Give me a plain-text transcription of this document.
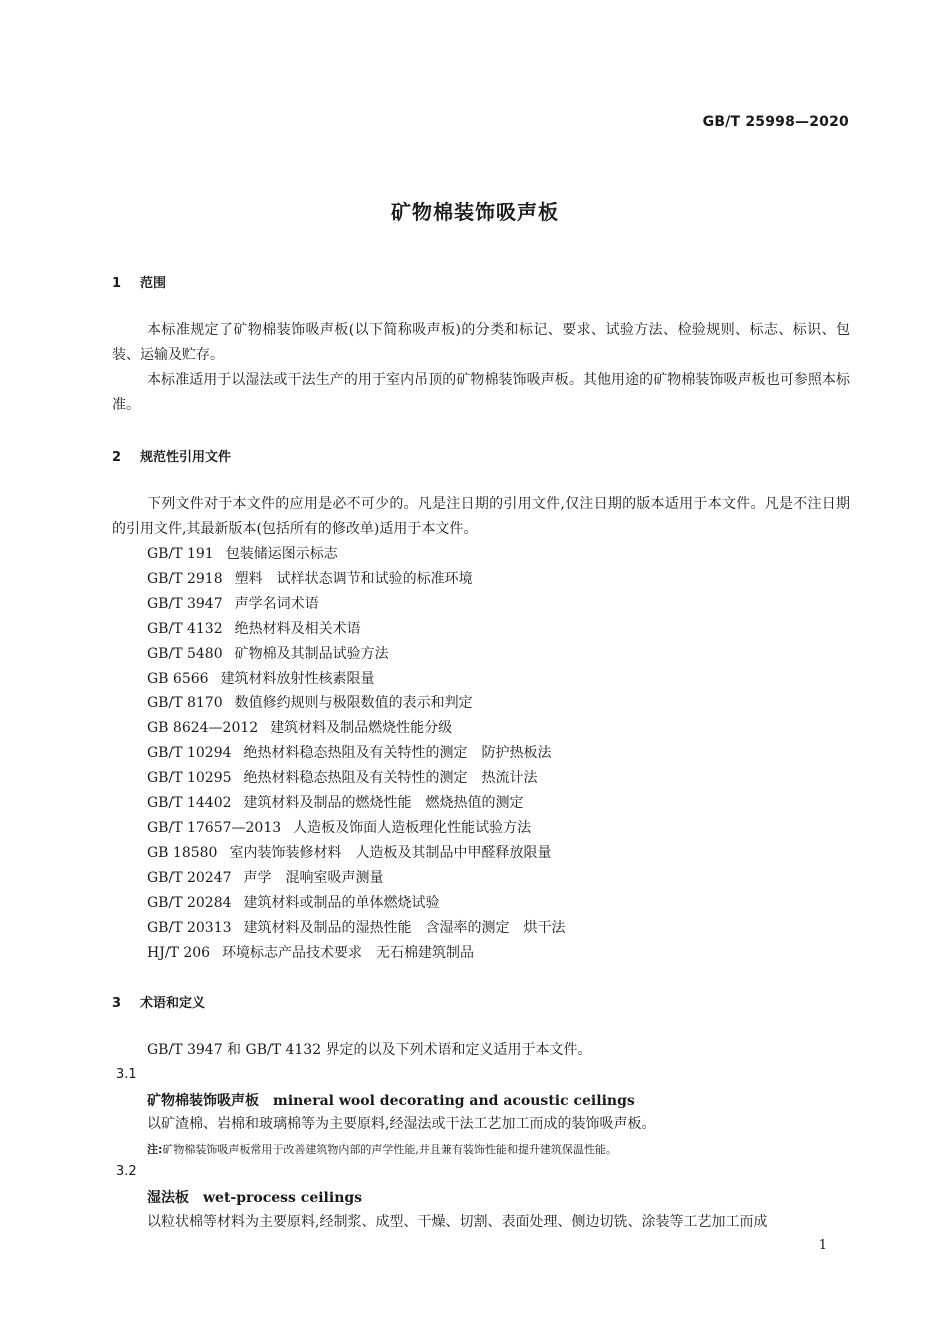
GB/T 25998—2020
矿物棉装饰吸声板
1 范围
本标准规定了矿物棉装饰吸声板(以下简称吸声板)的分类和标记、要求、试验方法、检验规则、标志、标识、包装、运输及贮存。
本标准适用于以湿法或干法生产的用于室内吊顶的矿物棉装饰吸声板。其他用途的矿物棉装饰吸声板也可参照本标准。
2 规范性引用文件
下列文件对于本文件的应用是必不可少的。凡是注日期的引用文件,仅注日期的版本适用于本文件。凡是不注日期的引用文件,其最新版本(包括所有的修改单)适用于本文件。
GB/T 191 包装储运图示标志
GB/T 2918 塑料　试样状态调节和试验的标准环境
GB/T 3947 声学名词术语
GB/T 4132 绝热材料及相关术语
GB/T 5480 矿物棉及其制品试验方法
GB 6566 建筑材料放射性核素限量
GB/T 8170 数值修约规则与极限数值的表示和判定
GB 8624—2012 建筑材料及制品燃烧性能分级
GB/T 10294 绝热材料稳态热阻及有关特性的测定　防护热板法
GB/T 10295 绝热材料稳态热阻及有关特性的测定　热流计法
GB/T 14402 建筑材料及制品的燃烧性能　燃烧热值的测定
GB/T 17657—2013 人造板及饰面人造板理化性能试验方法
GB 18580 室内装饰装修材料　人造板及其制品中甲醛释放限量
GB/T 20247 声学　混响室吸声测量
GB/T 20284 建筑材料或制品的单体燃烧试验
GB/T 20313 建筑材料及制品的湿热性能　含湿率的测定　烘干法
HJ/T 206 环境标志产品技术要求　无石棉建筑制品
3 术语和定义
GB/T 3947 和 GB/T 4132 界定的以及下列术语和定义适用于本文件。
3.1
矿物棉装饰吸声板 mineral wool decorating and acoustic ceilings
以矿渣棉、岩棉和玻璃棉等为主要原料,经湿法或干法工艺加工而成的装饰吸声板。
注:矿物棉装饰吸声板常用于改善建筑物内部的声学性能,并且兼有装饰性能和提升建筑保温性能。
3.2
湿法板 wet-process ceilings
以粒状棉等材料为主要原料,经制浆、成型、干燥、切割、表面处理、侧边切铣、涂装等工艺加工而成
1
